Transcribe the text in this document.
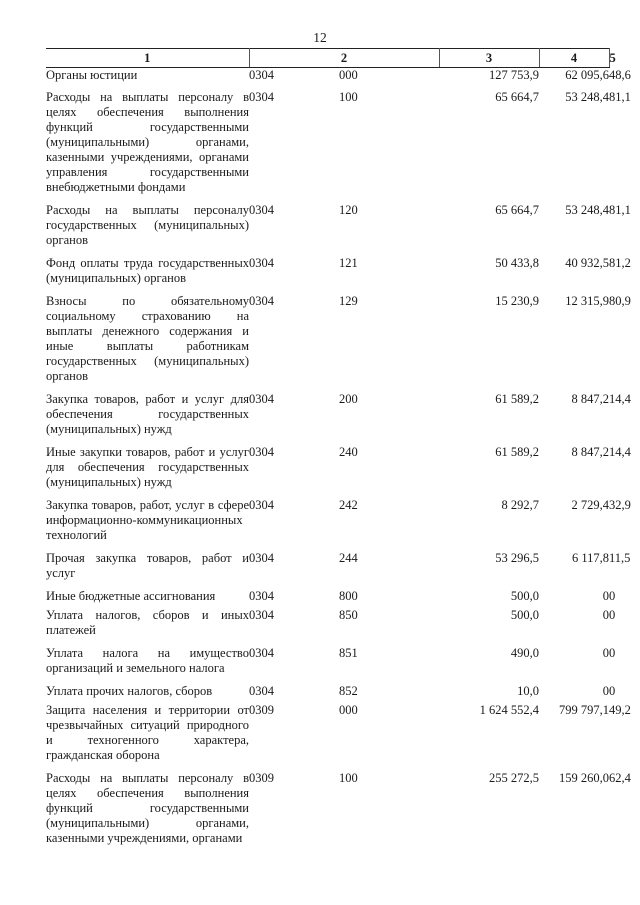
12
1	2		3	4	5
Органы юстиции	0304	000	127 753,9	62 095,6	48,6
Расходы на выплаты персоналу в целях обеспечения выполнения функций государственными (муниципальными) органами, казенными учреждениями, органами управления государственными внебюджетными фондами	0304	100	65 664,7	53 248,4	81,1
Расходы на выплаты персоналу государственных (муниципальных) органов	0304	120	65 664,7	53 248,4	81,1
Фонд оплаты труда государственных (муниципальных) органов	0304	121	50 433,8	40 932,5	81,2
Взносы по обязательному социальному страхованию на выплаты денежного содержания и иные выплаты работникам государственных (муниципальных) органов	0304	129	15 230,9	12 315,9	80,9
Закупка товаров, работ и услуг для обеспечения государственных (муниципальных) нужд	0304	200	61 589,2	8 847,2	14,4
Иные закупки товаров, работ и услуг для обеспечения государственных (муниципальных) нужд	0304	240	61 589,2	8 847,2	14,4
Закупка товаров, работ, услуг в сфере информационно-коммуникационных технологий	0304	242	8 292,7	2 729,4	32,9
Прочая закупка товаров, работ и услуг	0304	244	53 296,5	6 117,8	11,5
Иные бюджетные ассигнования	0304	800	500,0	0	0
Уплата налогов, сборов и иных платежей	0304	850	500,0	0	0
Уплата налога на имущество организаций и земельного налога	0304	851	490,0	0	0
Уплата прочих налогов, сборов	0304	852	10,0	0	0
Защита населения и территории от чрезвычайных ситуаций природного и техногенного характера, гражданская оборона	0309	000	1 624 552,4	799 797,1	49,2
Расходы на выплаты персоналу в целях обеспечения выполнения функций государственными (муниципальными) органами, казенными учреждениями, органами	0309	100	255 272,5	159 260,0	62,4
